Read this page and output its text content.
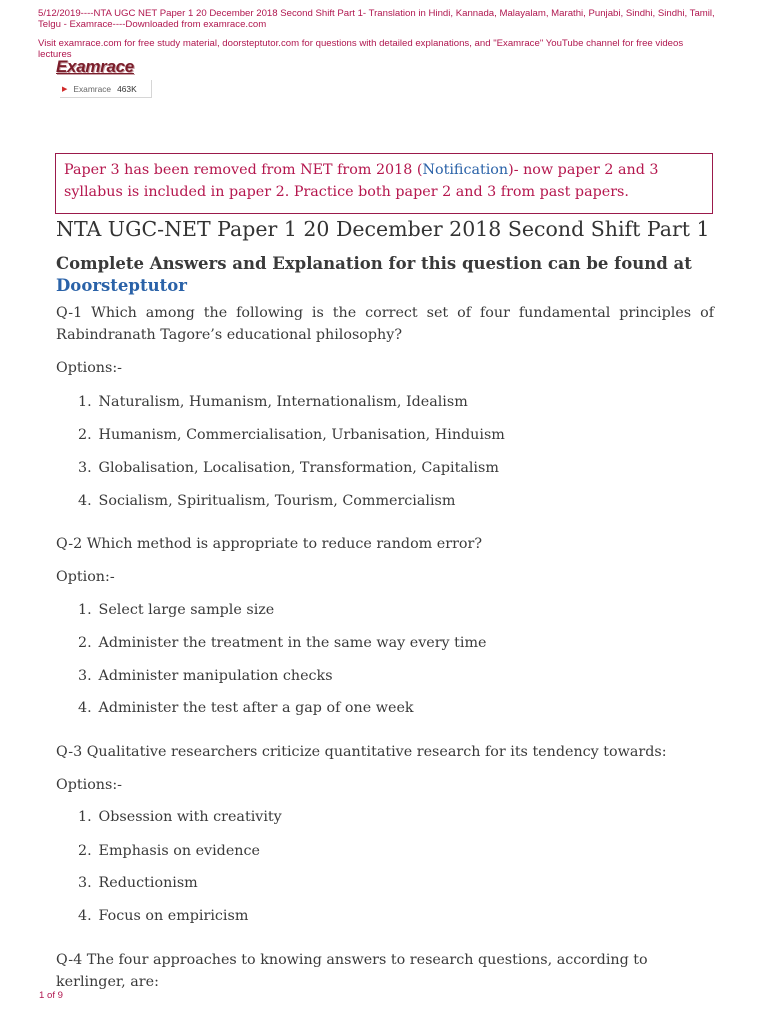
5/12/2019----NTA UGC NET Paper 1 20 December 2018 Second Shift Part 1- Translation in Hindi, Kannada, Malayalam, Marathi, Punjabi, Sindhi, Sindhi, Tamil, Telgu - Examrace----Downloaded from examrace.com
Visit examrace.com for free study material, doorsteptutor.com for questions with detailed explanations, and "Examrace" YouTube channel for free videos lectures
Examrace
▶ Examrace 463K
Paper 3 has been removed from NET from 2018 (Notification)- now paper 2 and 3 syllabus is included in paper 2. Practice both paper 2 and 3 from past papers.
NTA UGC-NET Paper 1 20 December 2018 Second Shift Part 1
Complete Answers and Explanation for this question can be found at Doorsteptutor
Q-1 Which among the following is the correct set of four fundamental principles of Rabindranath Tagore’s educational philosophy?
Options:-
1. Naturalism, Humanism, Internationalism, Idealism
2. Humanism, Commercialisation, Urbanisation, Hinduism
3. Globalisation, Localisation, Transformation, Capitalism
4. Socialism, Spiritualism, Tourism, Commercialism
Q-2 Which method is appropriate to reduce random error?
Option:-
1. Select large sample size
2. Administer the treatment in the same way every time
3. Administer manipulation checks
4. Administer the test after a gap of one week
Q-3 Qualitative researchers criticize quantitative research for its tendency towards:
Options:-
1. Obsession with creativity
2. Emphasis on evidence
3. Reductionism
4. Focus on empiricism
Q-4 The four approaches to knowing answers to research questions, according to kerlinger, are:
1 of 9
